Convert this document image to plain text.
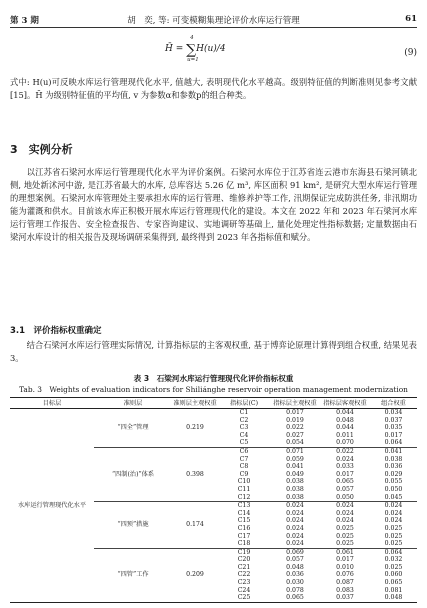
第 3 期	胡　奕, 等: 可变模糊集理论评价水库运行管理	61
H̄ = ∑
4
u=1
H(u)/4	(9)
式中: H(u)可反映水库运行管理现代化水平, 值越大, 表明现代化水平越高。级别特征值的判断准则见参考文献[15]。H̄ 为级别特征值的平均值, v 为参数α和参数p的组合种类。
3　实例分析
以江苏省石梁河水库运行管理现代化水平为评价案例。石梁河水库位于江苏省连云港市东海县石梁河镇北侧, 地处新沭河中游, 是江苏省最大的水库, 总库容达 5.26 亿 m³, 库区面积 91 km², 是研究大型水库运行管理的理想案例。石梁河水库管理处主要承担水库的运行管理、维修养护等工作, 汛期保证完成防洪任务, 非汛期功能为灌溉和供水。目前该水库正积极开展水库运行管理现代化的建设。本文在 2022 年和 2023 年石梁河水库运行管理工作报告、安全检查报告、专家咨询建议、实地调研等基础上, 量化处理定性指标数据; 定量数据由石梁河水库设计的相关报告及现场调研采集得到, 最终得到 2023 年各指标值和赋分。
3.1　评价指标权重确定
结合石梁河水库运行管理实际情况, 计算指标层的主客观权重, 基于博弈论原理计算得到组合权重, 结果见表 3。
表 3　石梁河水库运行管理现代化评价指标权重
Tab. 3　Weights of evaluation indicators for Shiliánghe reservoir operation management modernization
目标层	准则层	准则层主观权重	指标层(C)	指标层主观权重	指标层客观权重	组合权重
水库运行管理现代化水平	“四全”管理	0.219	C1	0.017	0.044	0.034
			C2	0.019	0.048	0.037
			C3	0.022	0.044	0.035
			C4	0.027	0.011	0.017
			C5	0.054	0.070	0.064
	“四制(治)”体系	0.398	C6	0.071	0.022	0.041
			C7	0.059	0.024	0.038
			C8	0.041	0.033	0.036
			C9	0.049	0.017	0.029
			C10	0.038	0.065	0.055
			C11	0.038	0.057	0.050
			C12	0.038	0.050	0.045
	“四预”措施	0.174	C13	0.024	0.024	0.024
			C14	0.024	0.024	0.024
			C15	0.024	0.024	0.024
			C16	0.024	0.025	0.025
			C17	0.024	0.025	0.025
			C18	0.024	0.025	0.025
	“四管”工作	0.209	C19	0.069	0.061	0.064
			C20	0.057	0.017	0.032
			C21	0.048	0.010	0.025
			C22	0.036	0.076	0.060
			C23	0.030	0.087	0.065
			C24	0.078	0.083	0.081
			C25	0.065	0.037	0.048
